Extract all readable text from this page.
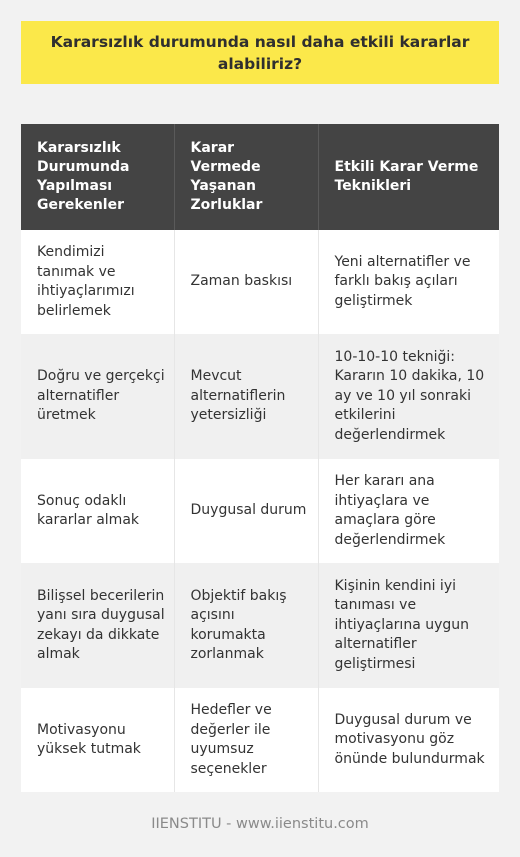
Kararsızlık durumunda nasıl daha etkili kararlar alabiliriz?
Kararsızlık Durumunda Yapılması Gerekenler	Karar Vermede Yaşanan Zorluklar	Etkili Karar Verme Teknikleri
Kendimizi tanımak ve ihtiyaçlarımızı belirlemek	Zaman baskısı	Yeni alternatifler ve farklı bakış açıları geliştirmek
Doğru ve gerçekçi alternatifler üretmek	Mevcut alternatiflerin yetersizliği	10-10-10 tekniği: Kararın 10 dakika, 10 ay ve 10 yıl sonraki etkilerini değerlendirmek
Sonuç odaklı kararlar almak	Duygusal durum	Her kararı ana ihtiyaçlara ve amaçlara göre değerlendirmek
Bilişsel becerilerin yanı sıra duygusal zekayı da dikkate almak	Objektif bakış açısını korumakta zorlanmak	Kişinin kendini iyi tanıması ve ihtiyaçlarına uygun alternatifler geliştirmesi
Motivasyonu yüksek tutmak	Hedefler ve değerler ile uyumsuz seçenekler	Duygusal durum ve motivasyonu göz önünde bulundurmak
IIENSTITU - www.iienstitu.com
